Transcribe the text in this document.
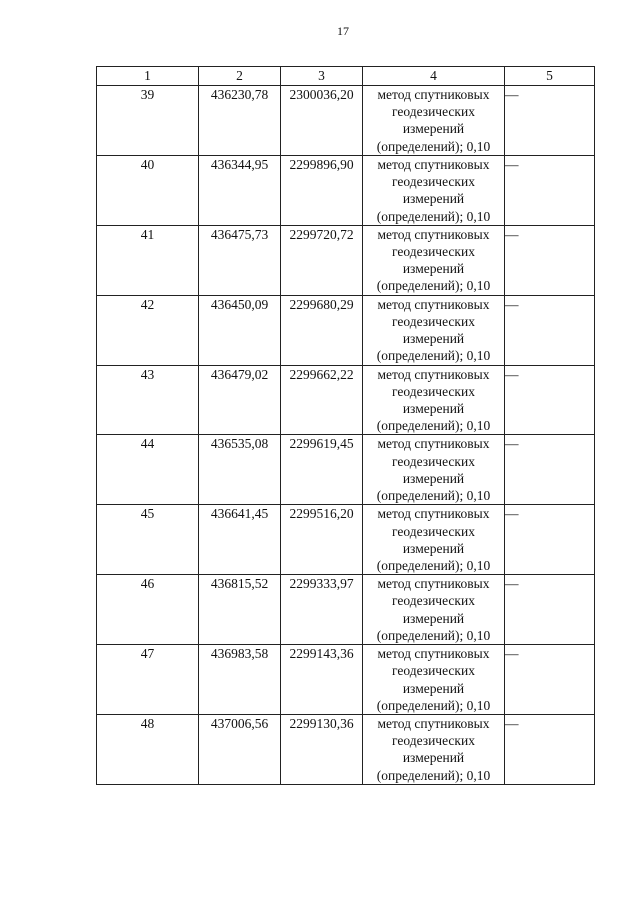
17
1	2	3	4	5
39	436230,78	2300036,20	метод спутниковых
геодезических
измерений
(определений); 0,10	—
40	436344,95	2299896,90	метод спутниковых
геодезических
измерений
(определений); 0,10	—
41	436475,73	2299720,72	метод спутниковых
геодезических
измерений
(определений); 0,10	—
42	436450,09	2299680,29	метод спутниковых
геодезических
измерений
(определений); 0,10	—
43	436479,02	2299662,22	метод спутниковых
геодезических
измерений
(определений); 0,10	—
44	436535,08	2299619,45	метод спутниковых
геодезических
измерений
(определений); 0,10	—
45	436641,45	2299516,20	метод спутниковых
геодезических
измерений
(определений); 0,10	—
46	436815,52	2299333,97	метод спутниковых
геодезических
измерений
(определений); 0,10	—
47	436983,58	2299143,36	метод спутниковых
геодезических
измерений
(определений); 0,10	—
48	437006,56	2299130,36	метод спутниковых
геодезических
измерений
(определений); 0,10	—
